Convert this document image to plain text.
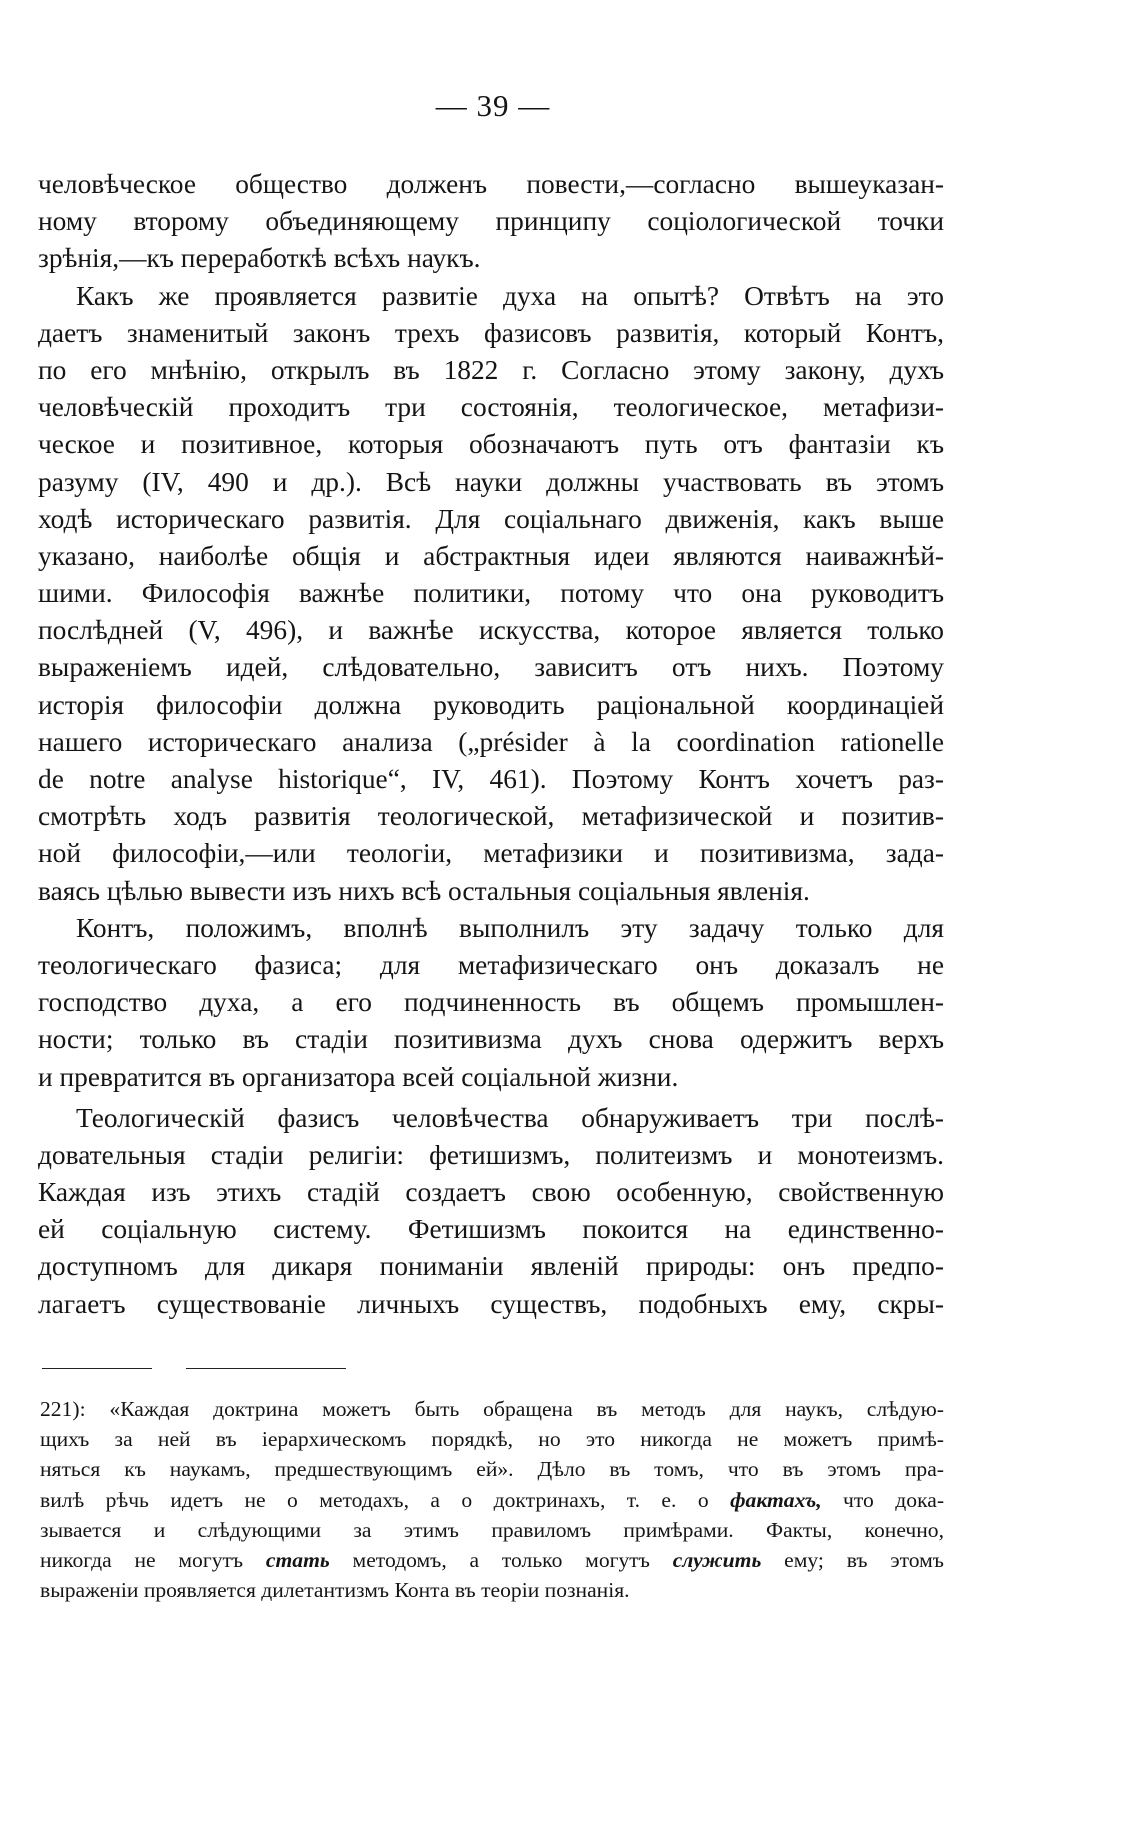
— 39 —
человѣческое общество долженъ повести,—согласно вышеуказан-
ному второму объединяющему принципу соціологической точки
зрѣнія,—къ переработкѣ всѣхъ наукъ.
Какъ же проявляется развитіе духа на опытѣ? Отвѣтъ на это
даетъ знаменитый законъ трехъ фазисовъ развитія, который Контъ,
по его мнѣнію, открылъ въ 1822 г. Согласно этому закону, духъ
человѣческій проходитъ три состоянія, теологическое, метафизи-
ческое и позитивное, которыя обозначаютъ путь отъ фантазіи къ
разуму (IV, 490 и др.). Всѣ науки должны участвовать въ этомъ
ходѣ историческаго развитія. Для соціальнаго движенія, какъ выше
указано, наиболѣе общія и абстрактныя идеи являются наиважнѣй-
шими. Философія важнѣе политики, потому что она руководитъ
послѣдней (V, 496), и важнѣе искусства, которое является только
выраженіемъ идей, слѣдовательно, зависитъ отъ нихъ. Поэтому
исторія философіи должна руководить раціональной координаціей
нашего историческаго анализа („présider à la coordination rationelle
de notre analyse historique“, IV, 461). Поэтому Контъ хочетъ раз-
смотрѣть ходъ развитія теологической, метафизической и позитив-
ной философіи,—или теологіи, метафизики и позитивизма, зада-
ваясь цѣлью вывести изъ нихъ всѣ остальныя соціальныя явленія.
Контъ, положимъ, вполнѣ выполнилъ эту задачу только для
теологическаго фазиса; для метафизическаго онъ доказалъ не
господство духа, а его подчиненность въ общемъ промышлен-
ности; только въ стадіи позитивизма духъ снова одержитъ верхъ
и превратится въ организатора всей соціальной жизни.
Теологическій фазисъ человѣчества обнаруживаетъ три послѣ-
довательныя стадіи религіи: фетишизмъ, политеизмъ и монотеизмъ.
Каждая изъ этихъ стадій создаетъ свою особенную, свойственную
ей соціальную систему. Фетишизмъ покоится на единственно-
доступномъ для дикаря пониманіи явленій природы: онъ предпо-
лагаетъ существованіе личныхъ существъ, подобныхъ ему, скры-
221): «Каждая доктрина можетъ быть обращена въ методъ для наукъ, слѣдую-
щихъ за ней въ іерархическомъ порядкѣ, но это никогда не можетъ примѣ-
няться къ наукамъ, предшествующимъ ей». Дѣло въ томъ, что въ этомъ пра-
вилѣ рѣчь идетъ не о методахъ, а о доктринахъ, т. е. о фактахъ, что дока-
зывается и слѣдующими за этимъ правиломъ примѣрами. Факты, конечно,
никогда не могутъ стать методомъ, а только могутъ служить ему; въ этомъ
выраженіи проявляется дилетантизмъ Конта въ теоріи познанія.
